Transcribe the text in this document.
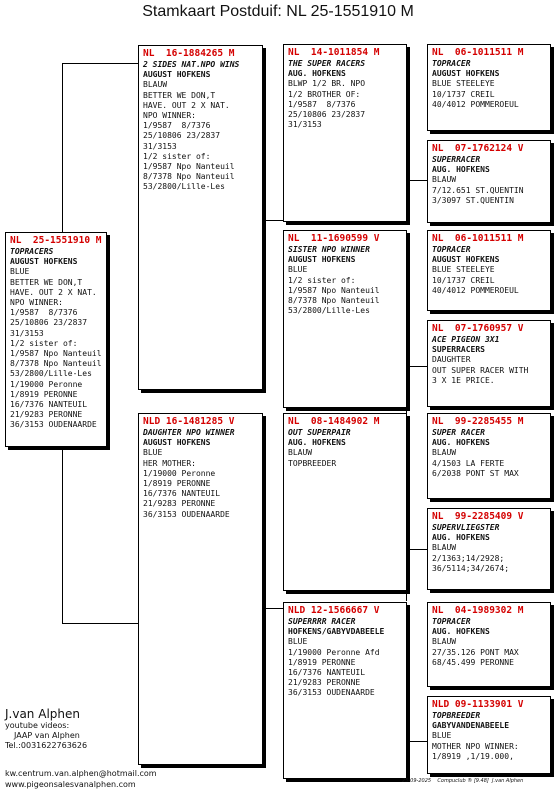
Stamkaart Postduif: NL 25-1551910 M
NL  25-1551910 M
TOPRACERS
AUGUST HOFKENS
BLUE
BETTER WE DON,T
HAVE. OUT 2 X NAT.
NPO WINNER:
1/9587  8/7376
25/10806 23/2837
31/3153
1/2 sister of:
1/9587 Npo Nanteuil
8/7378 Npo Nanteuil
53/2800/Lille-Les
1/19000 Peronne
1/8919 PERONNE
16/7376 NANTEUIL
21/9283 PERONNE
36/3153 OUDENAARDE
NL  16-1884265 M
2 SIDES NAT.NPO WINS
AUGUST HOFKENS
BLAUW
BETTER WE DON,T
HAVE. OUT 2 X NAT.
NPO WINNER:
1/9587  8/7376
25/10806 23/2837
31/3153
1/2 sister of:
1/9587 Npo Nanteuil
8/7378 Npo Nanteuil
53/2800/Lille-Les
NLD 16-1481285 V
DAUGHTER NPO WINNER
AUGUST HOFKENS
BLUE
HER MOTHER:
1/19000 Peronne
1/8919 PERONNE
16/7376 NANTEUIL
21/9283 PERONNE
36/3153 OUDENAARDE
NL  14-1011854 M
THE SUPER RACERS
AUG. HOFKENS
BLWP 1/2 BR. NPO
1/2 BROTHER OF:
1/9587  8/7376
25/10806 23/2837
31/3153
NL  11-1690599 V
SISTER NPO WINNER
AUGUST HOFKENS
BLUE
1/2 sister of:
1/9587 Npo Nanteuil
8/7378 Npo Nanteuil
53/2800/Lille-Les
NL  08-1484902 M
OUT SUPERPAIR
AUG. HOFKENS
BLAUW
TOPBREEDER
NLD 12-1566667 V
SUPERRRR RACER
HOFKENS/GABYVDABEELE
BLUE
1/19000 Peronne Afd
1/8919 PERONNE
16/7376 NANTEUIL
21/9283 PERONNE
36/3153 OUDENAARDE
NL  06-1011511 M
TOPRACER
AUGUST HOFKENS
BLUE STEELEYE
10/1737 CREIL
40/4012 POMMEROEUL
NL  07-1762124 V
SUPERRACER
AUG. HOFKENS
BLAUW
7/12.651 ST.QUENTIN
3/3097 ST.QUENTIN
NL  06-1011511 M
TOPRACER
AUGUST HOFKENS
BLUE STEELEYE
10/1737 CREIL
40/4012 POMMEROEUL
NL  07-1760957 V
ACE PIGEON 3X1
SUPERRACERS
DAUGHTER
OUT SUPER RACER WITH
3 X 1E PRICE.
NL  99-2285455 M
SUPER RACER
AUG. HOFKENS
BLAUW
4/1503 LA FERTE
6/2038 PONT ST MAX
NL  99-2285409 V
SUPERVLIEGSTER
AUG. HOFKENS
BLAUW
2/1363;14/2928;
36/5114;34/2674;
NL  04-1989302 M
TOPRACER
AUG. HOFKENS
BLAUW
27/35.126 PONT MAX
68/45.499 PERONNE
NLD 09-1133901 V
TOPBREEDER
GABYVANDENABEELE
BLUE
MOTHER NPO WINNER:
1/8919 ,1/19.000,
J.van Alphen
youtube videos:
JAAP van Alphen
Tel.:0031622763626
kw.centrum.van.alphen@hotmail.com
www.pigeonsalesvanalphen.com	25-09-2025    Compuclub ® [9.48]  J.van Alphen
